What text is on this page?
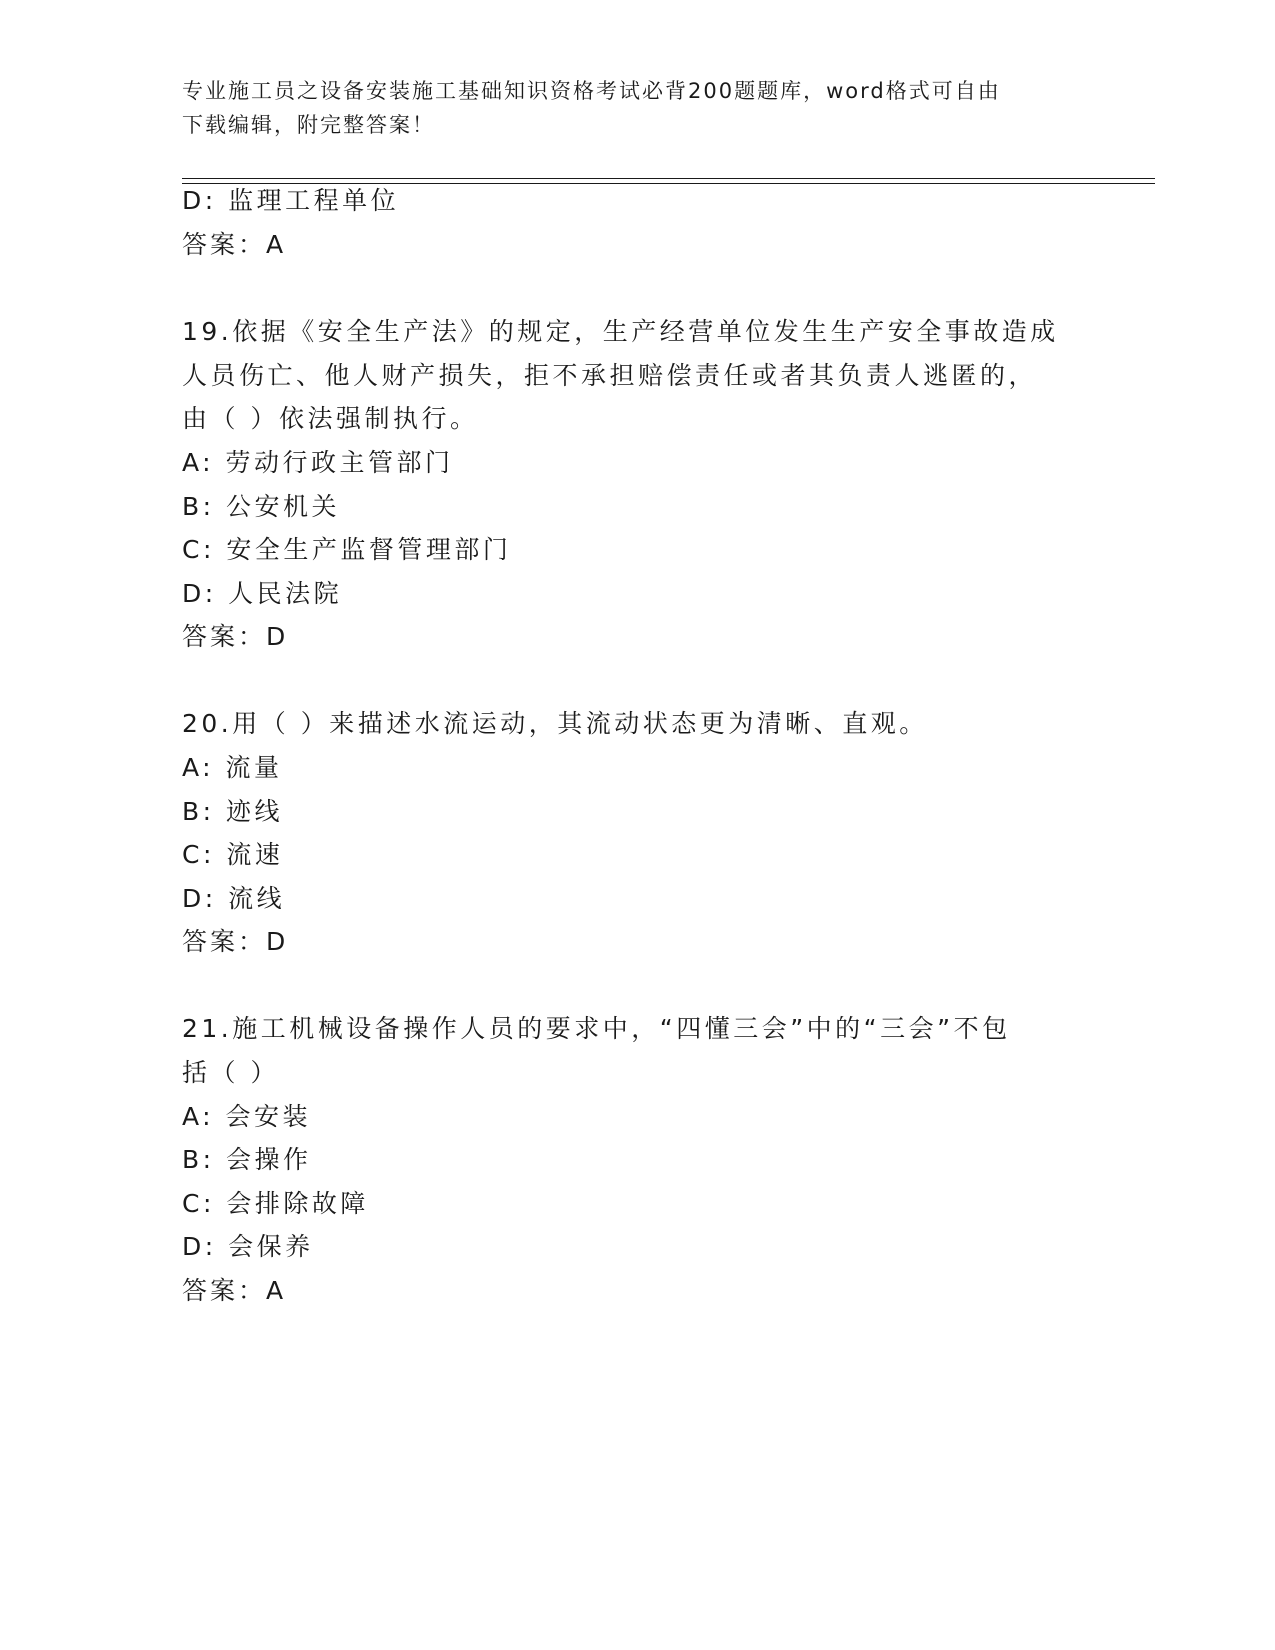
专业施工员之设备安装施工基础知识资格考试必背200题题库，word格式可自由
下载编辑，附完整答案！
D: 监理工程单位
答案：A
19.依据《安全生产法》的规定，生产经营单位发生生产安全事故造成
人员伤亡、他人财产损失，拒不承担赔偿责任或者其负责人逃匿的，
由（ ）依法强制执行。
A: 劳动行政主管部门
B: 公安机关
C: 安全生产监督管理部门
D: 人民法院
答案：D
20.用（ ）来描述水流运动，其流动状态更为清晰、直观。
A: 流量
B: 迹线
C: 流速
D: 流线
答案：D
21.施工机械设备操作人员的要求中，“四懂三会”中的“三会”不包
括（ ）
A: 会安装
B: 会操作
C: 会排除故障
D: 会保养
答案：A
